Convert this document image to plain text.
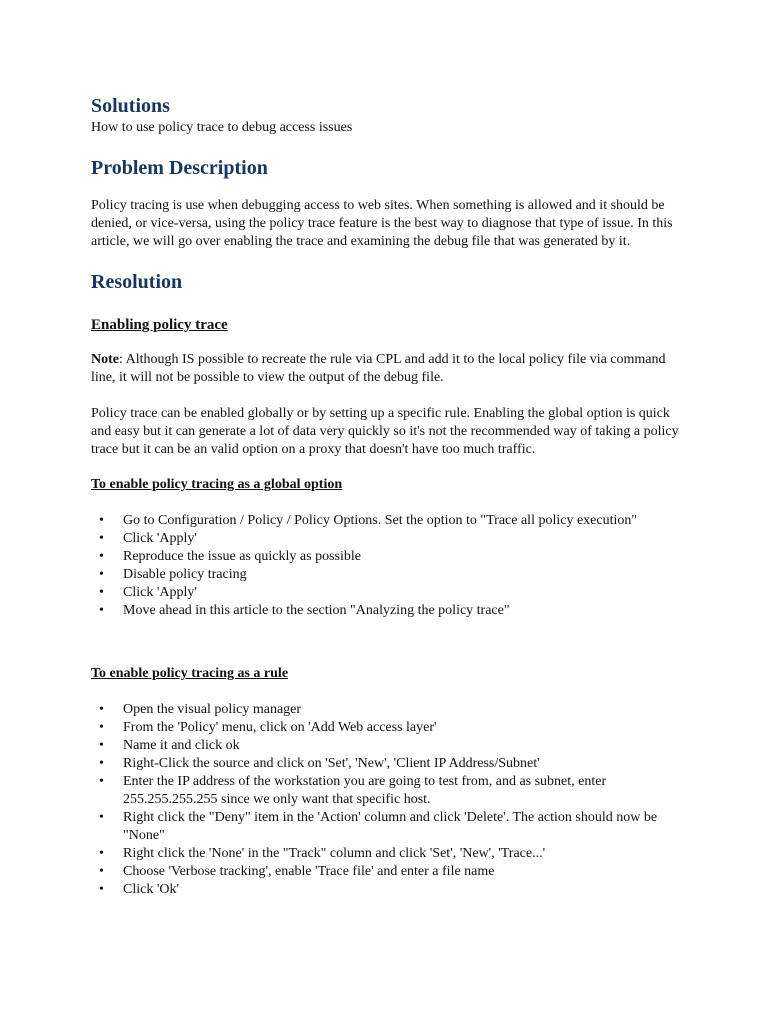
Solutions
How to use policy trace to debug access issues
Problem Description

Policy tracing is use when debugging access to web sites. When something is allowed and it should be denied, or vice-versa, using the policy trace feature is the best way to diagnose that type of issue. In this article, we will go over enabling the trace and examining the debug file that was generated by it.

Resolution
Enabling policy trace

Note: Although IS possible to recreate the rule via CPL and add it to the local policy file via command line, it will not be possible to view the output of the debug file.

Policy trace can be enabled globally or by setting up a specific rule. Enabling the global option is quick and easy but it can generate a lot of data very quickly so it's not the recommended way of taking a policy trace but it can be an valid option on a proxy that doesn't have too much traffic.

To enable policy tracing as a global option
• Go to Configuration / Policy / Policy Options. Set the option to "Trace all policy execution"
• Click 'Apply'
• Reproduce the issue as quickly as possible
• Disable policy tracing
• Click 'Apply'
• Move ahead in this article to the section "Analyzing the policy trace"
To enable policy tracing as a rule
• Open the visual policy manager
• From the 'Policy' menu, click on 'Add Web access layer'
• Name it and click ok
• Right-Click the source and click on 'Set', 'New', 'Client IP Address/Subnet'
• Enter the IP address of the workstation you are going to test from, and as subnet, enter 255.255.255.255 since we only want that specific host.
• Right click the "Deny" item in the 'Action' column and click 'Delete'. The action should now be "None"
• Right click the 'None' in the "Track" column and click 'Set', 'New', 'Trace...'
• Choose 'Verbose tracking', enable 'Trace file' and enter a file name
• Click 'Ok'
